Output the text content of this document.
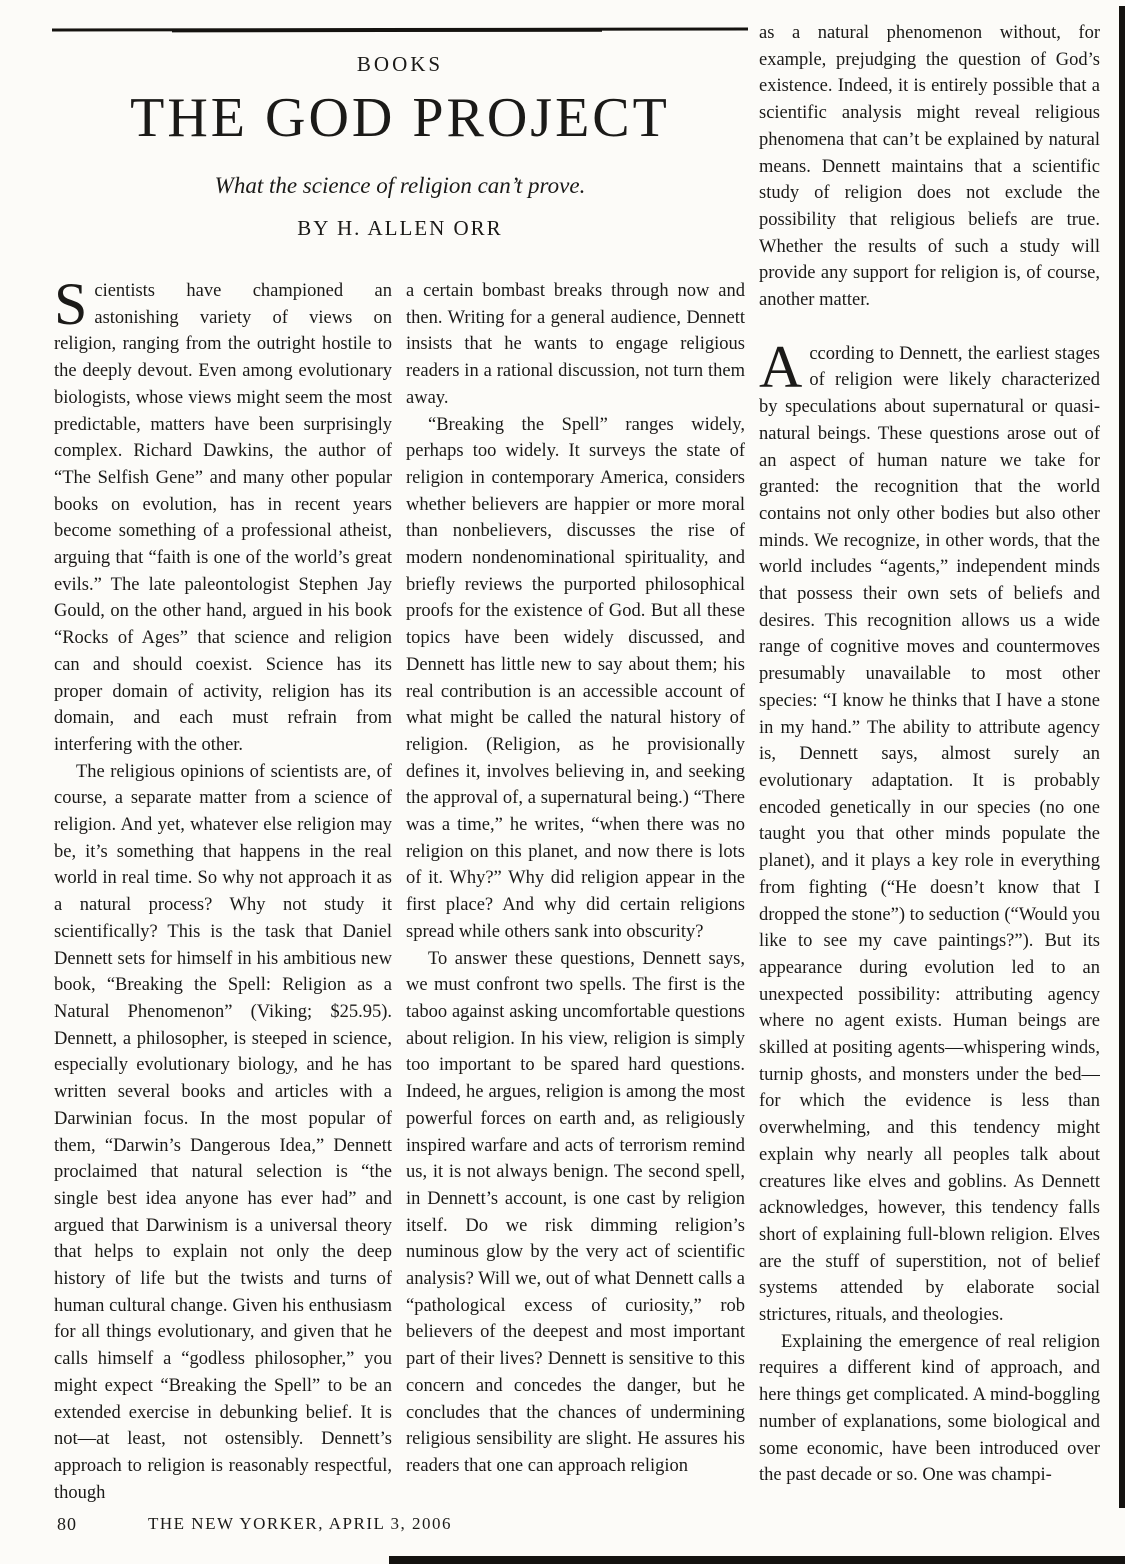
BOOKS
THE GOD PROJECT
What the science of religion can’t prove.
BY H. ALLEN ORR

Scientists have championed an astonishing variety of views on religion, ranging from the outright hostile to the deeply devout. Even among evolutionary biologists, whose views might seem the most predictable, matters have been surprisingly complex. Richard Dawkins, the author of “The Selfish Gene” and many other popular books on evolution, has in recent years become something of a professional atheist, arguing that “faith is one of the world’s great evils.” The late paleontologist Stephen Jay Gould, on the other hand, argued in his book “Rocks of Ages” that science and religion can and should coexist. Science has its proper domain of activity, religion has its domain, and each must refrain from interfering with the other.

The religious opinions of scientists are, of course, a separate matter from a science of religion. And yet, whatever else religion may be, it’s something that happens in the real world in real time. So why not approach it as a natural process? Why not study it scientifically? This is the task that Daniel Dennett sets for himself in his ambitious new book, “Breaking the Spell: Religion as a Natural Phenomenon” (Viking; $25.95). Dennett, a philosopher, is steeped in science, especially evolutionary biology, and he has written several books and articles with a Darwinian focus. In the most popular of them, “Darwin’s Dangerous Idea,” Dennett proclaimed that natural selection is “the single best idea anyone has ever had” and argued that Darwinism is a universal theory that helps to explain not only the deep history of life but the twists and turns of human cultural change. Given his enthusiasm for all things evolutionary, and given that he calls himself a “godless philosopher,” you might expect “Breaking the Spell” to be an extended exercise in debunking belief. It is not—at least, not ostensibly. Dennett’s approach to religion is reasonably respectful, though

a certain bombast breaks through now and then. Writing for a general audience, Dennett insists that he wants to engage religious readers in a rational discussion, not turn them away.

“Breaking the Spell” ranges widely, perhaps too widely. It surveys the state of religion in contemporary America, considers whether believers are happier or more moral than nonbelievers, discusses the rise of modern nondenominational spirituality, and briefly reviews the purported philosophical proofs for the existence of God. But all these topics have been widely discussed, and Dennett has little new to say about them; his real contribution is an accessible account of what might be called the natural history of religion. (Religion, as he provisionally defines it, involves believing in, and seeking the approval of, a supernatural being.) “There was a time,” he writes, “when there was no religion on this planet, and now there is lots of it. Why?” Why did religion appear in the first place? And why did certain religions spread while others sank into obscurity?

To answer these questions, Dennett says, we must confront two spells. The first is the taboo against asking uncomfortable questions about religion. In his view, religion is simply too important to be spared hard questions. Indeed, he argues, religion is among the most powerful forces on earth and, as religiously inspired warfare and acts of terrorism remind us, it is not always benign. The second spell, in Dennett’s account, is one cast by religion itself. Do we risk dimming religion’s numinous glow by the very act of scientific analysis? Will we, out of what Dennett calls a “pathological excess of curiosity,” rob believers of the deepest and most important part of their lives? Dennett is sensitive to this concern and concedes the danger, but he concludes that the chances of undermining religious sensibility are slight. He assures his readers that one can approach religion

as a natural phenomenon without, for example, prejudging the question of God’s existence. Indeed, it is entirely possible that a scientific analysis might reveal religious phenomena that can’t be explained by natural means. Dennett maintains that a scientific study of religion does not exclude the possibility that religious beliefs are true. Whether the results of such a study will provide any support for religion is, of course, another matter.

According to Dennett, the earliest stages of religion were likely characterized by speculations about supernatural or quasi-natural beings. These questions arose out of an aspect of human nature we take for granted: the recognition that the world contains not only other bodies but also other minds. We recognize, in other words, that the world includes “agents,” independent minds that possess their own sets of beliefs and desires. This recognition allows us a wide range of cognitive moves and countermoves presumably unavailable to most other species: “I know he thinks that I have a stone in my hand.” The ability to attribute agency is, Dennett says, almost surely an evolutionary adaptation. It is probably encoded genetically in our species (no one taught you that other minds populate the planet), and it plays a key role in everything from fighting (“He doesn’t know that I dropped the stone”) to seduction (“Would you like to see my cave paintings?”). But its appearance during evolution led to an unexpected possibility: attributing agency where no agent exists. Human beings are skilled at positing agents—whispering winds, turnip ghosts, and monsters under the bed—for which the evidence is less than overwhelming, and this tendency might explain why nearly all peoples talk about creatures like elves and goblins. As Dennett acknowledges, however, this tendency falls short of explaining full-blown religion. Elves are the stuff of superstition, not of belief systems attended by elaborate social strictures, rituals, and theologies.

Explaining the emergence of real religion requires a different kind of approach, and here things get complicated. A mind-boggling number of explanations, some biological and some economic, have been introduced over the past decade or so. One was champi-

80	THE NEW YORKER, APRIL 3, 2006
